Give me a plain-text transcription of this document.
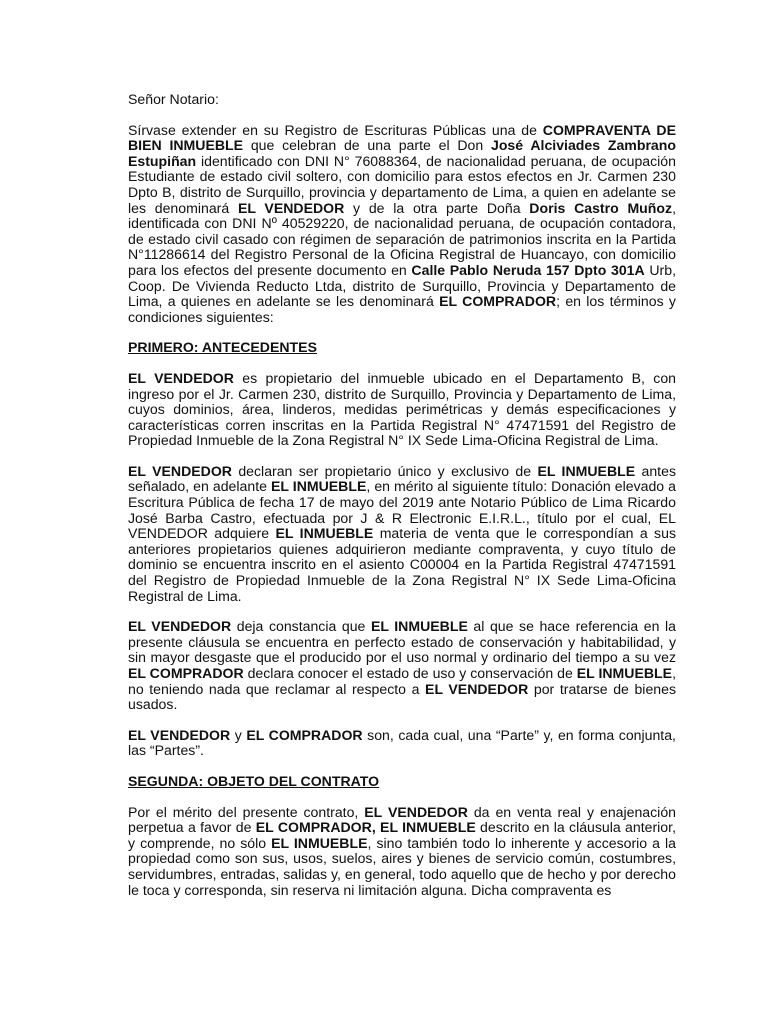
Señor Notario:

Sírvase extender en su Registro de Escrituras Públicas una de COMPRAVENTA DE BIEN INMUEBLE que celebran de una parte el Don José Alciviades Zambrano Estupiñan identificado con DNI N° 76088364, de nacionalidad peruana, de ocupación Estudiante de estado civil soltero, con domicilio para estos efectos en Jr. Carmen 230 Dpto B, distrito de Surquillo, provincia y departamento de Lima, a quien en adelante se les denominará EL VENDEDOR y de la otra parte Doña Doris Castro Muñoz, identificada con DNI Nº 40529220, de nacionalidad peruana, de ocupación contadora, de estado civil casado con régimen de separación de patrimonios inscrita en la Partida N°11286614 del Registro Personal de la Oficina Registral de Huancayo, con domicilio para los efectos del presente documento en Calle Pablo Neruda 157 Dpto 301A Urb, Coop. De Vivienda Reducto Ltda, distrito de Surquillo, Provincia y Departamento de Lima, a quienes en adelante se les denominará EL COMPRADOR; en los términos y condiciones siguientes:

PRIMERO: ANTECEDENTES

EL VENDEDOR es propietario del inmueble ubicado en el Departamento B, con ingreso por el Jr. Carmen 230, distrito de Surquillo, Provincia y Departamento de Lima, cuyos dominios, área, linderos, medidas perimétricas y demás especificaciones y características corren inscritas en la Partida Registral N° 47471591 del Registro de Propiedad Inmueble de la Zona Registral N° IX Sede Lima-Oficina Registral de Lima.

EL VENDEDOR declaran ser propietario único y exclusivo de EL INMUEBLE antes señalado, en adelante EL INMUEBLE, en mérito al siguiente título: Donación elevado a Escritura Pública de fecha 17 de mayo del 2019 ante Notario Público de Lima Ricardo José Barba Castro, efectuada por J & R Electronic E.I.R.L., título por el cual, EL VENDEDOR adquiere EL INMUEBLE materia de venta que le correspondían a sus anteriores propietarios quienes adquirieron mediante compraventa, y cuyo título de dominio se encuentra inscrito en el asiento C00004 en la Partida Registral 47471591 del Registro de Propiedad Inmueble de la Zona Registral N° IX Sede Lima-Oficina Registral de Lima.

EL VENDEDOR deja constancia que EL INMUEBLE al que se hace referencia en la presente cláusula se encuentra en perfecto estado de conservación y habitabilidad, y sin mayor desgaste que el producido por el uso normal y ordinario del tiempo a su vez EL COMPRADOR declara conocer el estado de uso y conservación de EL INMUEBLE, no teniendo nada que reclamar al respecto a EL VENDEDOR por tratarse de bienes usados.

EL VENDEDOR y EL COMPRADOR son, cada cual, una “Parte” y, en forma conjunta, las “Partes”.

SEGUNDA: OBJETO DEL CONTRATO

Por el mérito del presente contrato, EL VENDEDOR da en venta real y enajenación perpetua a favor de EL COMPRADOR, EL INMUEBLE descrito en la cláusula anterior, y comprende, no sólo EL INMUEBLE, sino también todo lo inherente y accesorio a la propiedad como son sus, usos, suelos, aires y bienes de servicio común, costumbres, servidumbres, entradas, salidas y, en general, todo aquello que de hecho y por derecho le toca y corresponda, sin reserva ni limitación alguna. Dicha compraventa es
